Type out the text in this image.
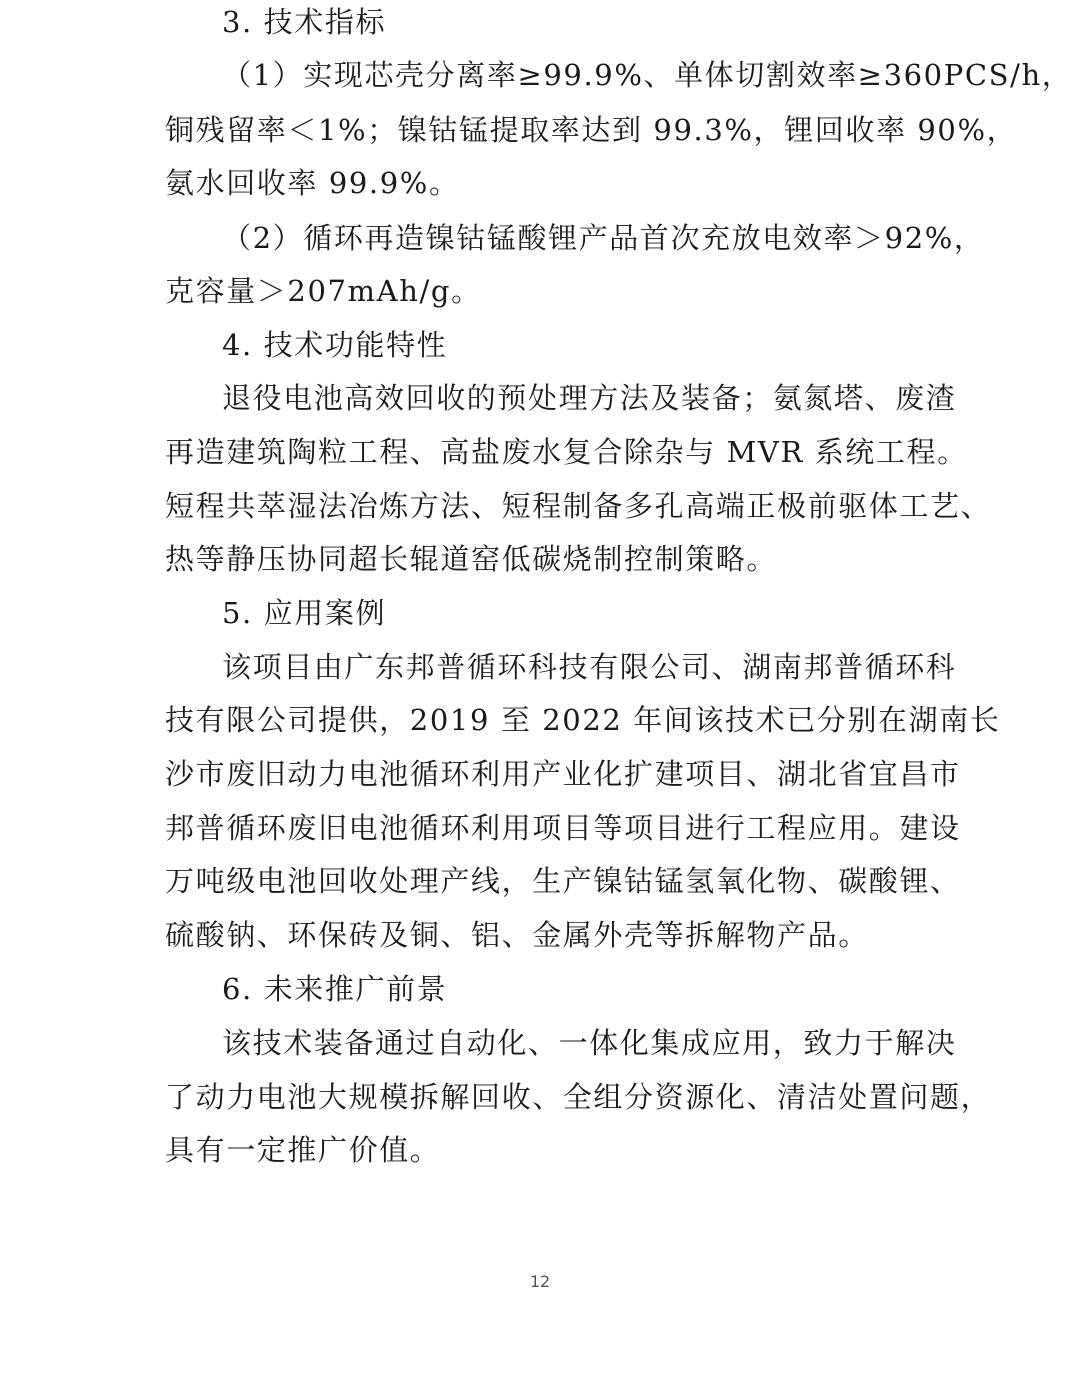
3. 技术指标
（1）实现芯壳分离率≥99.9%、单体切割效率≥360PCS/h，
铜残留率＜1%；镍钴锰提取率达到 99.3%，锂回收率 90%，
氨水回收率 99.9%。
（2）循环再造镍钴锰酸锂产品首次充放电效率＞92%，
克容量＞207mAh/g。
4. 技术功能特性
退役电池高效回收的预处理方法及装备；氨氮塔、废渣
再造建筑陶粒工程、高盐废水复合除杂与 MVR 系统工程。
短程共萃湿法冶炼方法、短程制备多孔高端正极前驱体工艺、
热等静压协同超长辊道窑低碳烧制控制策略。
5. 应用案例
该项目由广东邦普循环科技有限公司、湖南邦普循环科
技有限公司提供，2019 至 2022 年间该技术已分别在湖南长
沙市废旧动力电池循环利用产业化扩建项目、湖北省宜昌市
邦普循环废旧电池循环利用项目等项目进行工程应用。建设
万吨级电池回收处理产线，生产镍钴锰氢氧化物、碳酸锂、
硫酸钠、环保砖及铜、铝、金属外壳等拆解物产品。
6. 未来推广前景
该技术装备通过自动化、一体化集成应用，致力于解决
了动力电池大规模拆解回收、全组分资源化、清洁处置问题，
具有一定推广价值。
12
